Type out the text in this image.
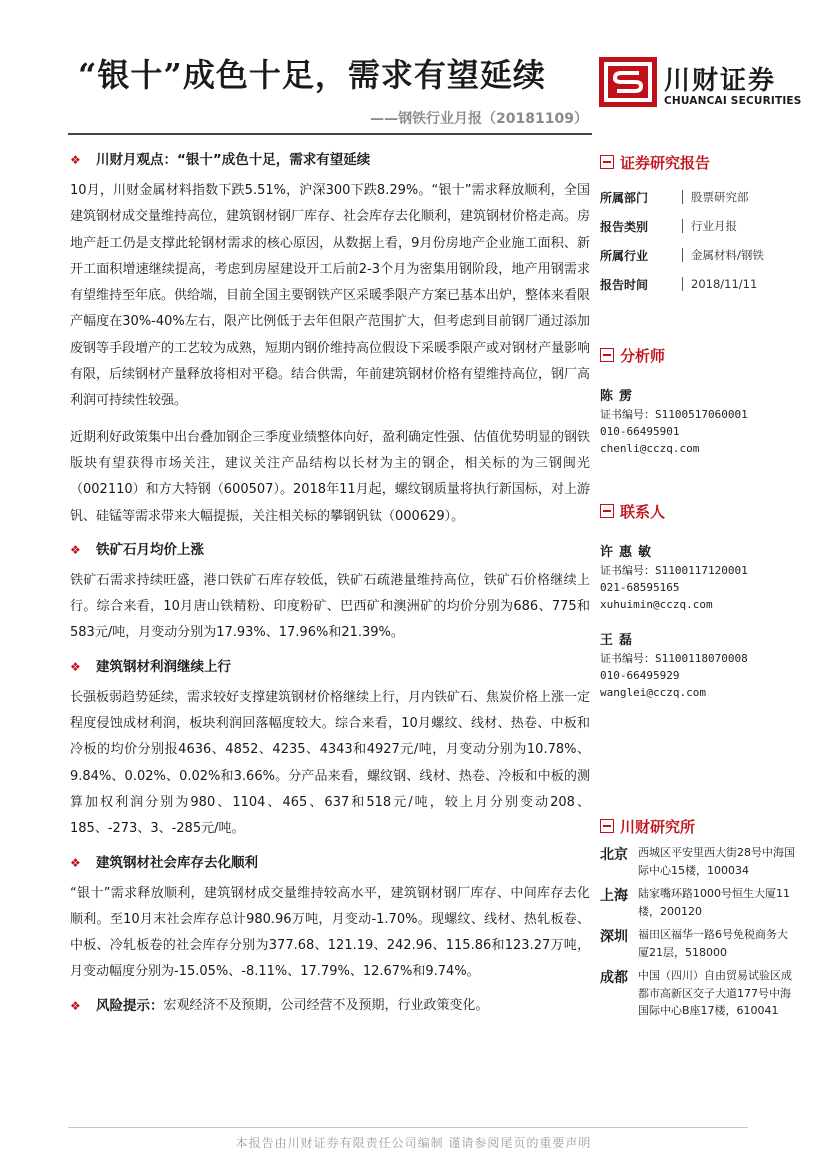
“银十”成色十足，需求有望延续
——钢铁行业月报（20181109）
川财证券
CHUANCAI SECURITIES
❖ 川财月观点：“银十”成色十足，需求有望延续

10月，川财金属材料指数下跌5.51%，沪深300下跌8.29%。“银十”需求释放顺利，全国建筑钢材成交量维持高位，建筑钢材钢厂库存、社会库存去化顺利，建筑钢材价格走高。房地产赶工仍是支撑此轮钢材需求的核心原因，从数据上看，9月份房地产企业施工面积、新开工面积增速继续提高，考虑到房屋建设开工后前2-3个月为密集用钢阶段，地产用钢需求有望维持至年底。供给端，目前全国主要钢铁产区采暖季限产方案已基本出炉，整体来看限产幅度在30%-40%左右，限产比例低于去年但限产范围扩大，但考虑到目前钢厂通过添加废钢等手段增产的工艺较为成熟，短期内钢价维持高位假设下采暖季限产或对钢材产量影响有限，后续钢材产量释放将相对平稳。结合供需，年前建筑钢材价格有望维持高位，钢厂高利润可持续性较强。

近期利好政策集中出台叠加钢企三季度业绩整体向好，盈利确定性强、估值优势明显的钢铁版块有望获得市场关注，建议关注产品结构以长材为主的钢企，相关标的为三钢闽光（002110）和方大特钢（600507）。2018年11月起，螺纹钢质量将执行新国标，对上游钒、硅锰等需求带来大幅提振，关注相关标的攀钢钒钛（000629）。

❖ 铁矿石月均价上涨

铁矿石需求持续旺盛，港口铁矿石库存较低，铁矿石疏港量维持高位，铁矿石价格继续上行。综合来看，10月唐山铁精粉、印度粉矿、巴西矿和澳洲矿的均价分别为686、775和583元/吨，月变动分别为17.93%、17.96%和21.39%。

❖ 建筑钢材利润继续上行

长强板弱趋势延续，需求较好支撑建筑钢材价格继续上行，月内铁矿石、焦炭价格上涨一定程度侵蚀成材利润，板块利润回落幅度较大。综合来看，10月螺纹、线材、热卷、中板和冷板的均价分别报4636、4852、4235、4343和4927元/吨，月变动分别为10.78%、9.84%、0.02%、0.02%和3.66%。分产品来看，螺纹钢、线材、热卷、冷板和中板的测算加权利润分别为980、1104、465、637和518元/吨，较上月分别变动208、185、-273、3、-285元/吨。

❖ 建筑钢材社会库存去化顺利

“银十”需求释放顺利，建筑钢材成交量维持较高水平，建筑钢材钢厂库存、中间库存去化顺利。至10月末社会库存总计980.96万吨，月变动-1.70%。现螺纹、线材、热轧板卷、中板、冷轧板卷的社会库存分别为377.68、121.19、242.96、115.86和123.27万吨，月变动幅度分别为-15.05%、-8.11%、17.79%、12.67%和9.74%。

❖ 风险提示： 宏观经济不及预期，公司经营不及预期，行业政策变化。
证券研究报告
所属部门	股票研究部
报告类别	行业月报
所属行业	金属材料/钢铁
报告时间	2018/11/11
分析师
陈雳
证书编号：S1100517060001
010-66495901
chenli@cczq.com
联系人
许惠敏
证书编号：S1100117120001
021-68595165
xuhuimin@cczq.com
王磊
证书编号：S1100118070008
010-66495929
wanglei@cczq.com
川财研究所
北京 西城区平安里西大街28号中海国际中心15楼，100034
上海 陆家嘴环路1000号恒生大厦11楼，200120
深圳 福田区福华一路6号免税商务大厦21层，518000
成都 中国（四川）自由贸易试验区成都市高新区交子大道177号中海国际中心B座17楼，610041
本报告由川财证券有限责任公司编制 谨请参阅尾页的重要声明
